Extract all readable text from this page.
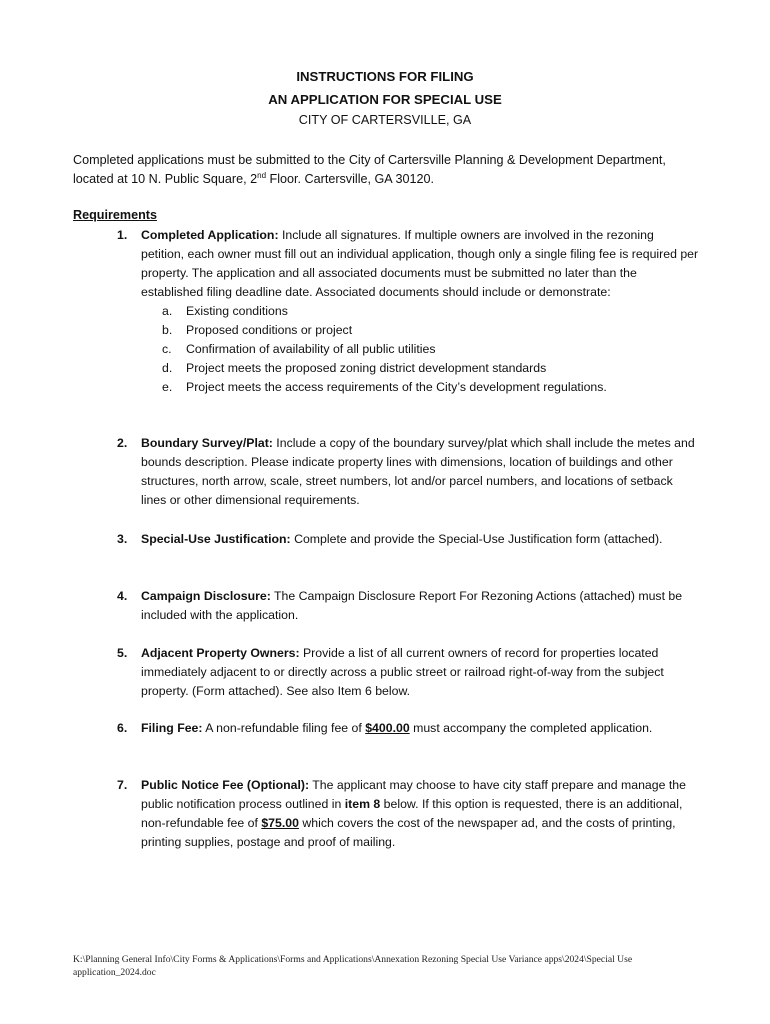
INSTRUCTIONS FOR FILING
AN APPLICATION FOR SPECIAL USE
CITY OF CARTERSVILLE, GA
Completed applications must be submitted to the City of Cartersville Planning & Development Department, located at 10 N. Public Square, 2nd Floor. Cartersville, GA 30120.
Requirements
1. Completed Application: Include all signatures. If multiple owners are involved in the rezoning petition, each owner must fill out an individual application, though only a single filing fee is required per property. The application and all associated documents must be submitted no later than the established filing deadline date. Associated documents should include or demonstrate:
a. Existing conditions
b. Proposed conditions or project
c. Confirmation of availability of all public utilities
d. Project meets the proposed zoning district development standards
e. Project meets the access requirements of the City’s development regulations.
2. Boundary Survey/Plat: Include a copy of the boundary survey/plat which shall include the metes and bounds description. Please indicate property lines with dimensions, location of buildings and other structures, north arrow, scale, street numbers, lot and/or parcel numbers, and locations of setback lines or other dimensional requirements.
3. Special-Use Justification: Complete and provide the Special-Use Justification form (attached).
4. Campaign Disclosure: The Campaign Disclosure Report For Rezoning Actions (attached) must be included with the application.
5. Adjacent Property Owners: Provide a list of all current owners of record for properties located immediately adjacent to or directly across a public street or railroad right-of-way from the subject property. (Form attached). See also Item 6 below.
6. Filing Fee: A non-refundable filing fee of $400.00 must accompany the completed application.
7. Public Notice Fee (Optional): The applicant may choose to have city staff prepare and manage the public notification process outlined in item 8 below. If this option is requested, there is an additional, non-refundable fee of $75.00 which covers the cost of the newspaper ad, and the costs of printing, printing supplies, postage and proof of mailing.
K:\Planning General Info\City Forms & Applications\Forms and Applications\Annexation Rezoning Special Use Variance apps\2024\Special Use application_2024.doc
